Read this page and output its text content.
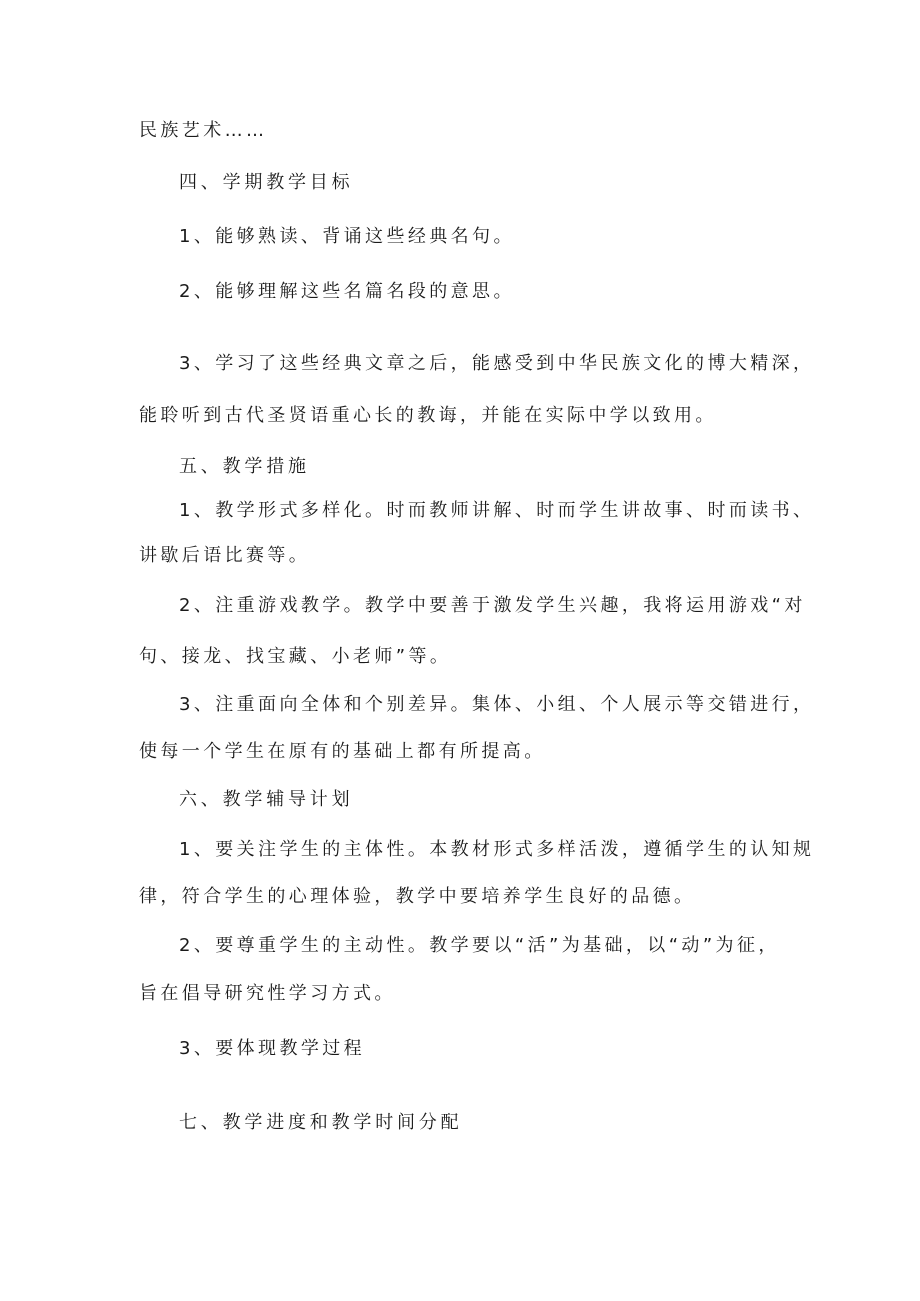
民族艺术……
四、学期教学目标
1、能够熟读、背诵这些经典名句。
2、能够理解这些名篇名段的意思。
3、学习了这些经典文章之后，能感受到中华民族文化的博大精深，
能聆听到古代圣贤语重心长的教诲，并能在实际中学以致用。
五、教学措施
1、教学形式多样化。时而教师讲解、时而学生讲故事、时而读书、
讲歇后语比赛等。
2、注重游戏教学。教学中要善于激发学生兴趣，我将运用游戏“对
句、接龙、找宝藏、小老师”等。
3、注重面向全体和个别差异。集体、小组、个人展示等交错进行，
使每一个学生在原有的基础上都有所提高。
六、教学辅导计划
1、要关注学生的主体性。本教材形式多样活泼，遵循学生的认知规
律，符合学生的心理体验，教学中要培养学生良好的品德。
2、要尊重学生的主动性。教学要以“活”为基础，以“动”为征，
旨在倡导研究性学习方式。
3、要体现教学过程
七、教学进度和教学时间分配
